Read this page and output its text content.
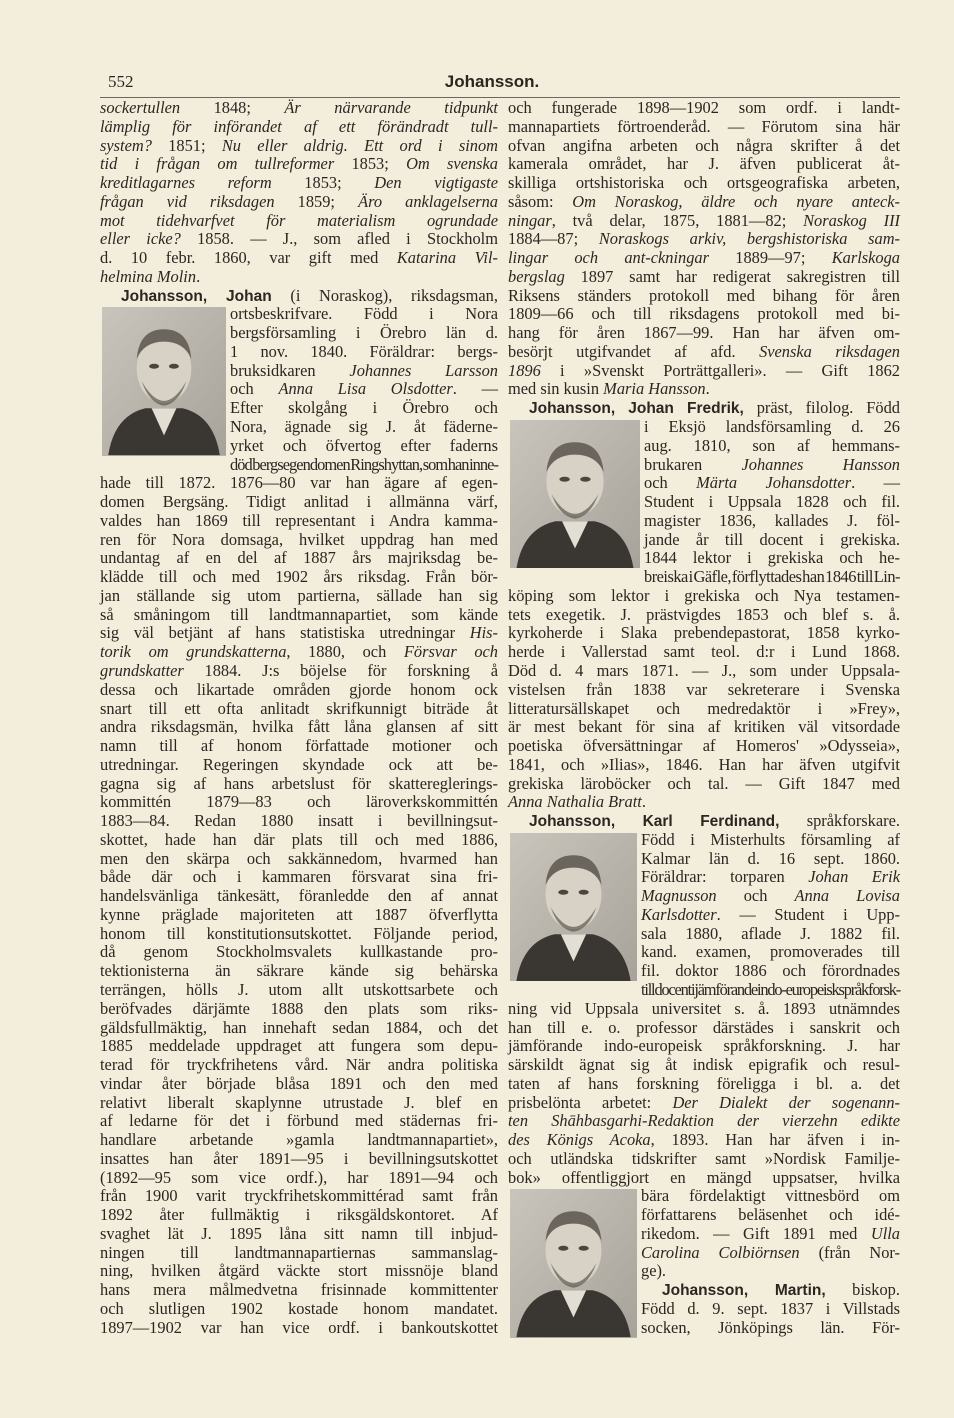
552	Johansson.
sockertullen 1848; Är närvarande tidpunkt
lämplig för införandet af ett förändradt tull-
system? 1851; Nu eller aldrig. Ett ord i sinom
tid i frågan om tullreformer 1853; Om svenska
kreditlagarnes reform 1853; Den vigtigaste
frågan vid riksdagen 1859; Äro anklagelserna
mot tidehvarfvet för materialism ogrundade
eller icke? 1858. — J., som afled i Stockholm
d. 10 febr. 1860, var gift med Katarina Vil-
helmina Molin.
Johansson, Johan (i Noraskog), riksdagsman,
ortsbeskrifvare. Född i Nora
bergsförsamling i Örebro län d.
1 nov. 1840. Föräldrar: bergs-
bruksidkaren Johannes Larsson
och Anna Lisa Olsdotter. —
Efter skolgång i Örebro och
Nora, ägnade sig J. åt fäderne-
yrket och öfvertog efter faderns
död bergsegendomen Ringshyttan, som han inne-
hade till 1872. 1876—80 var han ägare af egen-
domen Bergsäng. Tidigt anlitad i allmänna värf,
valdes han 1869 till representant i Andra kamma-
ren för Nora domsaga, hvilket uppdrag han med
undantag af en del af 1887 års majriksdag be-
klädde till och med 1902 års riksdag. Från bör-
jan ställande sig utom partierna, sällade han sig
så småningom till landtmannapartiet, som kände
sig väl betjänt af hans statistiska utredningar His-
torik om grundskatterna, 1880, och Försvar och
grundskatter 1884. J:s böjelse för forskning å
dessa och likartade områden gjorde honom ock
snart till ett ofta anlitadt skrifkunnigt biträde åt
andra riksdagsmän, hvilka fått låna glansen af sitt
namn till af honom författade motioner och
utredningar. Regeringen skyndade ock att be-
gagna sig af hans arbetslust för skattereglerings-
kommittén 1879—83 och läroverkskommittén
1883—84. Redan 1880 insatt i bevillningsut-
skottet, hade han där plats till och med 1886,
men den skärpa och sakkännedom, hvarmed han
både där och i kammaren försvarat sina fri-
handelsvänliga tänkesätt, föranledde den af annat
kynne präglade majoriteten att 1887 öfverflytta
honom till konstitutionsutskottet. Följande period,
då genom Stockholmsvalets kullkastande pro-
tektionisterna än säkrare kände sig behärska
terrängen, hölls J. utom allt utskottsarbete och
beröfvades därjämte 1888 den plats som riks-
gäldsfullmäktig, han innehaft sedan 1884, och det
1885 meddelade uppdraget att fungera som depu-
terad för tryckfrihetens vård. När andra politiska
vindar åter började blåsa 1891 och den med
relativt liberalt skaplynne utrustade J. blef en
af ledarne för det i förbund med städernas fri-
handlare arbetande »gamla landtmannapartiet»,
insattes han åter 1891—95 i bevillningsutskottet
(1892—95 som vice ordf.), har 1891—94 och
från 1900 varit tryckfrihetskommittérad samt från
1892 åter fullmäktig i riksgäldskontoret. Af
svaghet lät J. 1895 låna sitt namn till inbjud-
ningen till landtmannapartiernas sammanslag-
ning, hvilken åtgärd väckte stort missnöje bland
hans mera målmedvetna frisinnade kommittenter
och slutligen 1902 kostade honom mandatet.
1897—1902 var han vice ordf. i bankoutskottet
och fungerade 1898—1902 som ordf. i landt-
mannapartiets förtroenderåd. — Förutom sina här
ofvan angifna arbeten och några skrifter å det
kamerala området, har J. äfven publicerat åt-
skilliga ortshistoriska och ortsgeografiska arbeten,
såsom: Om Noraskog, äldre och nyare anteck-
ningar, två delar, 1875, 1881—82; Noraskog III
1884—87; Noraskogs arkiv, bergshistoriska sam-
lingar och ant-ckningar 1889—97; Karlskoga
bergslag 1897 samt har redigerat sakregistren till
Riksens ständers protokoll med bihang för åren
1809—66 och till riksdagens protokoll med bi-
hang för åren 1867—99. Han har äfven om-
besörjt utgifvandet af afd. Svenska riksdagen
1896 i »Svenskt Porträttgalleri». — Gift 1862
med sin kusin Maria Hansson.
Johansson, Johan Fredrik, präst, filolog. Född
i Eksjö landsförsamling d. 26
aug. 1810, son af hemmans-
brukaren Johannes Hansson
och Märta Johansdotter. —
Student i Uppsala 1828 och fil.
magister 1836, kallades J. föl-
jande år till docent i grekiska.
1844 lektor i grekiska och he-
breiska i Gäfle, förflyttades han 1846 till Lin-
köping som lektor i grekiska och Nya testamen-
tets exegetik. J. prästvigdes 1853 och blef s. å.
kyrkoherde i Slaka prebendepastorat, 1858 kyrko-
herde i Vallerstad samt teol. d:r i Lund 1868.
Död d. 4 mars 1871. — J., som under Uppsala-
vistelsen från 1838 var sekreterare i Svenska
litteratursällskapet och medredaktör i »Frey»,
är mest bekant för sina af kritiken väl vitsordade
poetiska öfversättningar af Homeros' »Odysseia»,
1841, och »Ilias», 1846. Han har äfven utgifvit
grekiska läroböcker och tal. — Gift 1847 med
Anna Nathalia Bratt.
Johansson, Karl Ferdinand, språkforskare.
Född i Misterhults församling af
Kalmar län d. 16 sept. 1860.
Föräldrar: torparen Johan Erik
Magnusson och Anna Lovisa
Karlsdotter. — Student i Upp-
sala 1880, aflade J. 1882 fil.
kand. examen, promoverades till
fil. doktor 1886 och förordnades
till docent i jämförande indo-europeisk språkforsk-
ning vid Uppsala universitet s. å. 1893 utnämndes
han till e. o. professor därstädes i sanskrit och
jämförande indo-europeisk språkforskning. J. har
särskildt ägnat sig åt indisk epigrafik och resul-
taten af hans forskning föreligga i bl. a. det
prisbelönta arbetet: Der Dialekt der sogenann-
ten Shāhbasgarhi-Redaktion der vierzehn edikte
des Königs Acoka, 1893. Han har äfven i in-
och utländska tidskrifter samt »Nordisk Familje-
bok» offentliggjort en mängd uppsatser, hvilka
bära fördelaktigt vittnesbörd om
författarens beläsenhet och idé-
rikedom. — Gift 1891 med Ulla
Carolina Colbiörnsen (från Nor-
ge).
Johansson, Martin, biskop.
Född d. 9. sept. 1837 i Villstads
socken, Jönköpings län. För-
